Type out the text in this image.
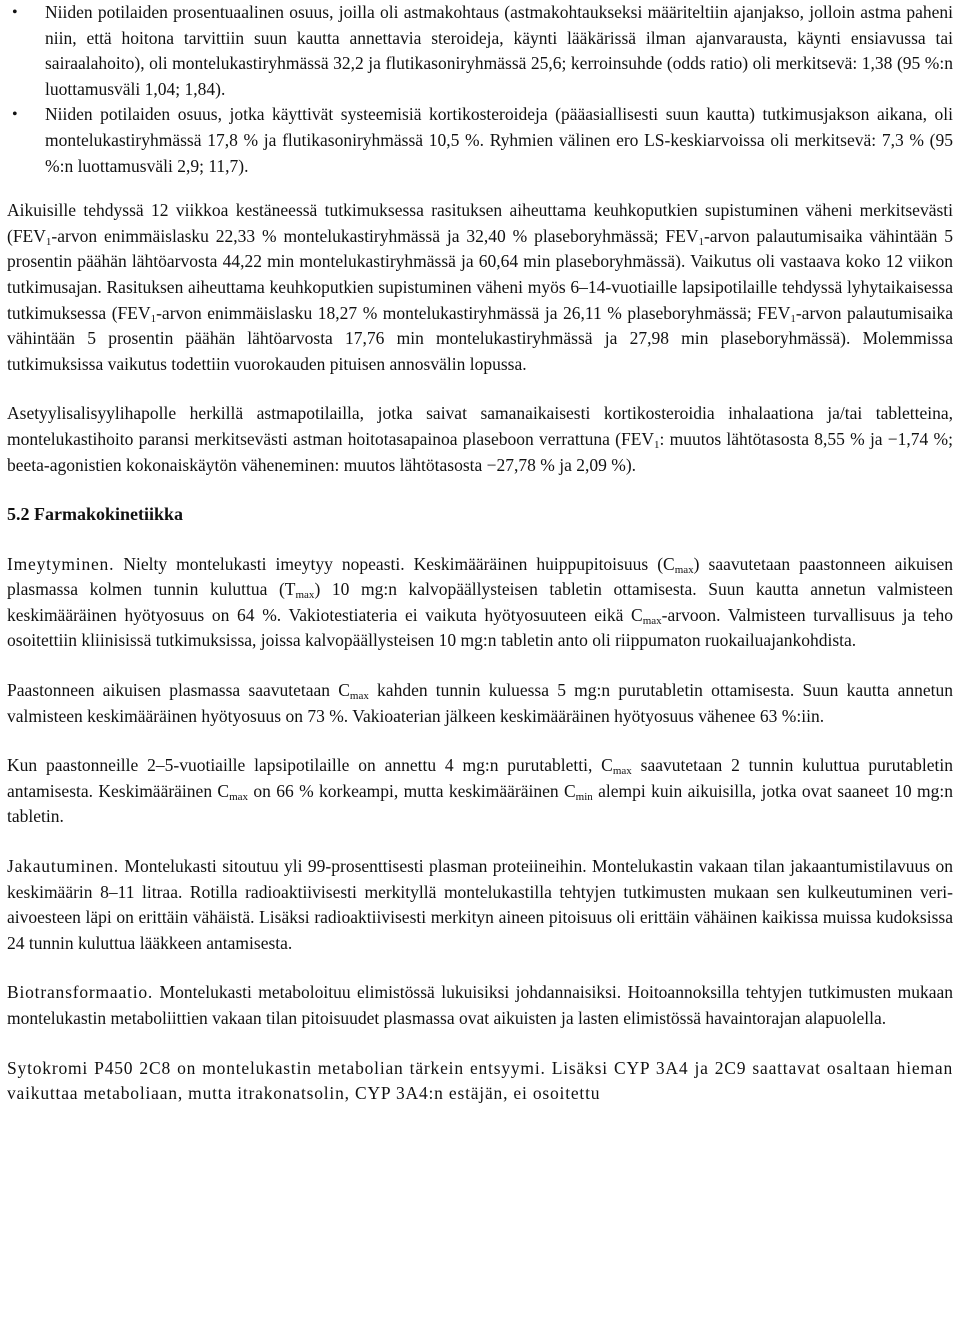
• Niiden potilaiden prosentuaalinen osuus, joilla oli astmakohtaus (astmakohtaukseksi määriteltiin ajanjakso, jolloin astma paheni niin, että hoitona tarvittiin suun kautta annettavia steroideja, käynti lääkärissä ilman ajanvarausta, käynti ensiavussa tai sairaalahoito), oli montelukastiryhmässä 32,2 ja flutikasoniryhmässä 25,6; kerroinsuhde (odds ratio) oli merkitsevä: 1,38 (95 %:n luottamusväli 1,04; 1,84).
• Niiden potilaiden osuus, jotka käyttivät systeemisiä kortikosteroideja (pääasiallisesti suun kautta) tutkimusjakson aikana, oli montelukastiryhmässä 17,8 % ja flutikasoniryhmässä 10,5 %. Ryhmien välinen ero LS-keskiarvoissa oli merkitsevä: 7,3 % (95 %:n luottamusväli 2,9; 11,7).

Aikuisille tehdyssä 12 viikkoa kestäneessä tutkimuksessa rasituksen aiheuttama keuhkoputkien supistuminen väheni merkitsevästi ($FEV_1$-arvon enimmäislasku 22,33 % montelukastiryhmässä ja 32,40 % plaseboryhmässä; $FEV_1$-arvon palautumisaika vähintään 5 prosentin päähän lähtöarvosta 44,22 min montelukastiryhmässä ja 60,64 min plaseboryhmässä). Vaikutus oli vastaava koko 12 viikon tutkimusajan. Rasituksen aiheuttama keuhkoputkien supistuminen väheni myös 6–14-vuotiaille lapsipotilaille tehdyssä lyhytaikaisessa tutkimuksessa ($FEV_1$-arvon enimmäislasku 18,27 % montelukastiryhmässä ja 26,11 % plaseboryhmässä; $FEV_1$-arvon palautumisaika vähintään 5 prosentin päähän lähtöarvosta 17,76 min montelukastiryhmässä ja 27,98 min plaseboryhmässä). Molemmissa tutkimuksissa vaikutus todettiin vuorokauden pituisen annosvälin lopussa.

Asetyylisalisyylihapolle herkillä astmapotilailla, jotka saivat samanaikaisesti kortikosteroidia inhalaationa ja/tai tabletteina, montelukastihoito paransi merkitsevästi astman hoitotasapainoa plaseboon verrattuna ($FEV_1$: muutos lähtötasosta 8,55 % ja −1,74 %; beeta-agonistien kokonaiskäytön väheneminen: muutos lähtötasosta −27,78 % ja 2,09 %).

5.2 Farmakokinetiikka

Imeytyminen. Nielty montelukasti imeytyy nopeasti. Keskimääräinen huippupitoisuus $(C_{max})$ saavutetaan paastonneen aikuisen plasmassa kolmen tunnin kuluttua $(T_{max})$ 10 mg:n kalvopäällysteisen tabletin ottamisesta. Suun kautta annetun valmisteen keskimääräinen hyötyosuus on 64 %. Vakiotestiateria ei vaikuta hyötyosuuteen eikä $C_{max}$-arvoon. Valmisteen turvallisuus ja teho osoitettiin kliinisissä tutkimuksissa, joissa kalvopäällysteisen 10 mg:n tabletin anto oli riippumaton ruokailuajankohdista.

Paastonneen aikuisen plasmassa saavutetaan $C_{max}$ kahden tunnin kuluessa 5 mg:n purutabletin ottamisesta. Suun kautta annetun valmisteen keskimääräinen hyötyosuus on 73 %. Vakioaterian jälkeen keskimääräinen hyötyosuus vähenee 63 %:iin.

Kun paastonneille 2–5-vuotiaille lapsipotilaille on annettu 4 mg:n purutabletti, $C_{max}$ saavutetaan 2 tunnin kuluttua purutabletin antamisesta. Keskimääräinen $C_{max}$ on 66 % korkeampi, mutta keskimääräinen $C_{min}$ alempi kuin aikuisilla, jotka ovat saaneet 10 mg:n tabletin.

Jakautuminen. Montelukasti sitoutuu yli 99-prosenttisesti plasman proteiineihin. Montelukastin vakaan tilan jakaantumistilavuus on keskimäärin 8–11 litraa. Rotilla radioaktiivisesti merkityllä montelukastilla tehtyjen tutkimusten mukaan sen kulkeutuminen veri-aivoesteen läpi on erittäin vähäistä. Lisäksi radioaktiivisesti merkityn aineen pitoisuus oli erittäin vähäinen kaikissa muissa kudoksissa 24 tunnin kuluttua lääkkeen antamisesta.

Biotransformaatio. Montelukasti metaboloituu elimistössä lukuisiksi johdannaisiksi. Hoitoannoksilla tehtyjen tutkimusten mukaan montelukastin metaboliittien vakaan tilan pitoisuudet plasmassa ovat aikuisten ja lasten elimistössä havaintorajan alapuolella.

Sytokromi P450 2C8 on montelukastin metabolian tärkein entsyymi. Lisäksi CYP 3A4 ja 2C9 saattavat osaltaan hieman vaikuttaa metaboliaan, mutta itrakonatsolin, CYP 3A4:n estäjän, ei osoitettu
